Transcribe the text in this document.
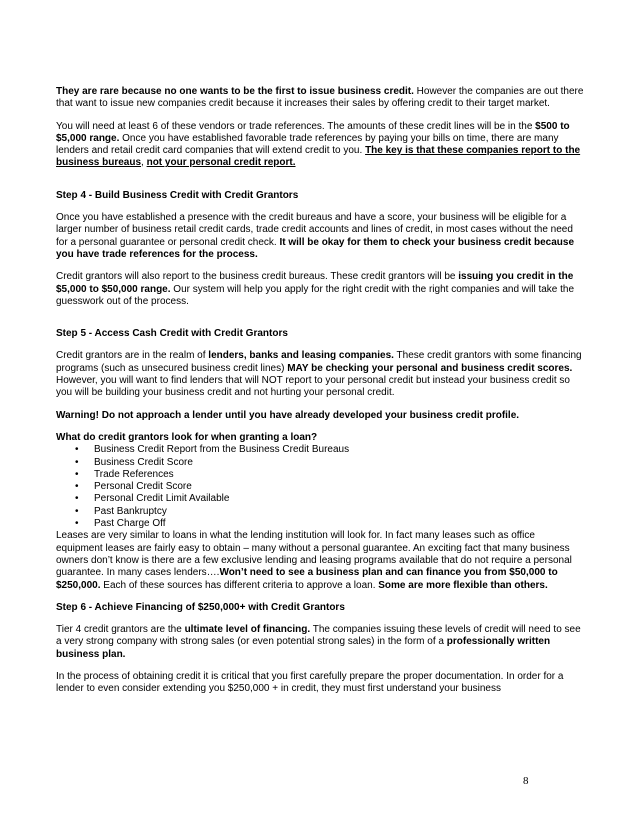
They are rare because no one wants to be the first to issue business credit. However the companies are out there that want to issue new companies credit because it increases their sales by offering credit to their target market.

You will need at least 6 of these vendors or trade references. The amounts of these credit lines will be in the $500 to $5,000 range. Once you have established favorable trade references by paying your bills on time, there are many lenders and retail credit card companies that will extend credit to you. The key is that these companies report to the business bureaus, not your personal credit report.

Step 4 - Build Business Credit with Credit Grantors

Once you have established a presence with the credit bureaus and have a score, your business will be eligible for a larger number of business retail credit cards, trade credit accounts and lines of credit, in most cases without the need for a personal guarantee or personal credit check. It will be okay for them to check your business credit because you have trade references for the process.

Credit grantors will also report to the business credit bureaus. These credit grantors will be issuing you credit in the $5,000 to $50,000 range. Our system will help you apply for the right credit with the right companies and will take the guesswork out of the process.

Step 5 - Access Cash Credit with Credit Grantors

Credit grantors are in the realm of lenders, banks and leasing companies. These credit grantors with some financing programs (such as unsecured business credit lines) MAY be checking your personal and business credit scores. However, you will want to find lenders that will NOT report to your personal credit but instead your business credit so you will be building your business credit and not hurting your personal credit.

Warning! Do not approach a lender until you have already developed your business credit profile.

What do credit grantors look for when granting a loan?
• Business Credit Report from the Business Credit Bureaus
• Business Credit Score
• Trade References
• Personal Credit Score
• Personal Credit Limit Available
• Past Bankruptcy
• Past Charge Off

Leases are very similar to loans in what the lending institution will look for. In fact many leases such as office equipment leases are fairly easy to obtain – many without a personal guarantee. An exciting fact that many business owners don’t know is there are a few exclusive lending and leasing programs available that do not require a personal guarantee. In many cases lenders….Won’t need to see a business plan and can finance you from $50,000 to $250,000. Each of these sources has different criteria to approve a loan. Some are more flexible than others.

Step 6 - Achieve Financing of $250,000+ with Credit Grantors

Tier 4 credit grantors are the ultimate level of financing. The companies issuing these levels of credit will need to see a very strong company with strong sales (or even potential strong sales) in the form of a professionally written business plan.

In the process of obtaining credit it is critical that you first carefully prepare the proper documentation. In order for a lender to even consider extending you $250,000 + in credit, they must first understand your business

8
